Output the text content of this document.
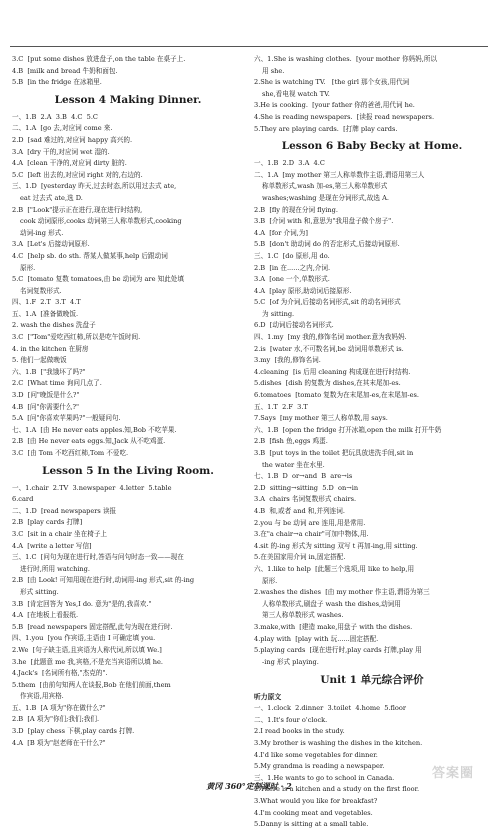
3.C  [put some dishes 放进盘子,on the table 在桌子上.
4.B  [milk and bread 牛奶和面包.
5.B  [in the fridge 在冰箱里.
Lesson 4 Making Dinner.
一、1.B  2.A  3.B  4.C  5.C
二、1.A  [go 去,对应词 come 来.
2.D  [sad 难过的,对应词 happy 高兴的.
3.A  [dry 干的,对应词 wet 湿的.
4.A  [clean 干净的,对应词 dirty 脏的.
5.C  [left 出去的,对应词 right 对的,右边的.
三、1.D  [yesterday 昨天,过去时态,所以用过去式 ate,
eat 过去式 ate,选 D.
2.B  ["Look"提示正在进行,现在进行时结构,
cook 动词原形,cooks 动词第三人称单数形式,cooking
动词-ing 形式.
3.A  [Let's 后接动词原形.
4.C  [help sb. do sth. 帮某人做某事,help 后跟动词
原形.
5.C  [tomato 复数 tomatoes,由 be 动词为 are 知此处填
名词复数形式.
四、1.F  2.T  3.T  4.T
五、1.A  [准备做晚饭.
2. wash the dishes 洗盘子
3.C  ["Tom"爱吃西红柿,所以是吃午饭时间.
4. in the kitchen 在厨房
5. 他们一起做晚饭
六、1.B  ["我饿坏了吗?"
2.C  [What time 询问几点了.
3.D  [问"晚饭是什么?"
4.B  [问"你需要什么?"
5.A  [问"你喜欢苹果吗?"一般疑问句.
七、1.A  [由 He never eats apples.知,Bob 不吃苹果.
2.B  [由 He never eats eggs.知,Jack 从不吃鸡蛋.
3.C  [由 Tom 不吃西红柿,Tom 不爱吃.
Lesson 5 In the Living Room.
一、1.chair  2.TV  3.newspaper  4.letter  5.table
6.card
二、1.D  [read newspapers 读报
2.B  [play cards 打牌]
3.C  [sit in a chair 坐在椅子上
4.A  [write a letter 写信]
三、1.C  [问句为现在进行时,答语与问句时态一致——现在
进行时,所用 watching.
2.B  [由 Look! 可知用现在进行时,动词用-ing 形式,sit 的-ing
形式 sitting.
3.B  [肯定回答为 Yes,I do. 意为"是的,我喜欢."
4.A  [在地板上看报纸.
5.B  [read newspapers 固定搭配,此句为现在进行时.
四、1.you  [you 作宾语,主语由 I 可确定填 you.
2.We  [句子缺主语,且宾语为人称代词,所以填 We.]
3.he  [此题意 me 我,宾格,不是充当宾语所以填 he.
4.Jack's  [名词所有格,"杰克的".
5.them  [由前句知两人在谈报,Bob 在他们前面,them
作宾语,用宾格.
五、1.B  [A 项为"你在做什么?"
2.B  [A 项为"你们;我们;我们.
3.D  [play chess 下棋,play cards 打牌.
4.A  [B 项为"赵老师在干什么?"
六、1.She is washing clothes.  [your mother 你妈妈,所以
用 she.
2.She is watching TV.   [the girl 那个女孩,用代词
she,看电视 watch TV.
3.He is cooking.  [your father 你的爸爸,用代词 he.
4.She is reading newspapers.  [读报 read newspapers.
5.They are playing cards.  [打牌 play cards.
Lesson 6 Baby Becky at Home.
一、1.B  2.D  3.A  4.C
二、1.A  [my mother 第三人称单数作主语,谓语用第三人
称单数形式,wash 加-es,第三人称单数形式
washes;washing 是现在分词形式,故选 A.
2.B  [fly 的现在分词 flying.
3.B  [介词 with 和,意思为"我用盘子做个房子".
4.A  [for 介词,为]
5.B  [don't 助动词 do 的否定形式,后接动词原形.
三、1.C  [do 原形,用 do.
2.B  [in 在......之内,介词.
3.A  [one 一个,单数形式.
4.A  [play 原形,助动词后接原形.
5.C  [of 为介词,后接动名词形式,sit 的动名词形式
为 sitting.
6.D  [动词后接动名词形式.
四、1.my  [my 我的,修饰名词 mother.意为我妈妈.
2.is  [water 水,不可数名词,be 动词用单数形式 is.
3.my  [我的,修饰名词.
4.cleaning  [is 后用 cleaning 构成现在进行时结构.
5.dishes  [dish 的复数为 dishes,在其末尾加-es.
6.tomatoes  [tomato 复数为在末尾加-es,在末尾加-es.
五、1.T  2.F  3.T
7.Says  [my mother 第三人称单数,用 says.
六、1.B  [open the fridge 打开冰箱,open the milk 打开牛奶
2.B  [fish 鱼,eggs 鸡蛋.
3.B  [put toys in the toilet 把玩具放进洗手间,sit in
the water 坐在水里.
七、1.B  D  or→and  B  are→is
2.D  sitting→sitting  5.D  on→in
3.A  chairs 名词复数形式 chairs.
4.B  和,或者 and 和,并列连词.
2.you 与 be 动词 are 连用,用是常用.
3.在"a chair→a chair"可加中物体,用.
4.sit 的-ing 形式为 sitting 双写 t 再加-ing,用 sitting.
5.在美国家用介词 in,固定搭配.
六、1.like to help  [此题三个选项,用 like to help,用
原形.
2.washes the dishes  [由 my mother 作主语,谓语为第三
人称单数形式,刷盘子 wash the dishes,动词用
第三人称单数形式 washes.
3.make,with  [建造 make,用盘子 with the dishes.
4.play with  [play with 玩......固定搭配.
5.playing cards  [现在进行时,play cards 打牌,play 用
-ing 形式 playing.
Unit 1 单元综合评价
听力原文
一、1.clock  2.dinner  3.toilet  4.home  5.floor
二、1.It's four o'clock.
2.I read books in the study.
3.My brother is washing the dishes in the kitchen.
4.I'd like some vegetables for dinner.
5.My grandma is reading a newspaper.
三、1.He wants to go to school in Canada.
2.There is a kitchen and a study on the first floor.
3.What would you like for breakfast?
4.I'm cooking meat and vegetables.
5.Danny is sitting at a small table.
黄冈 360°定制课时 · 2
答案圈
